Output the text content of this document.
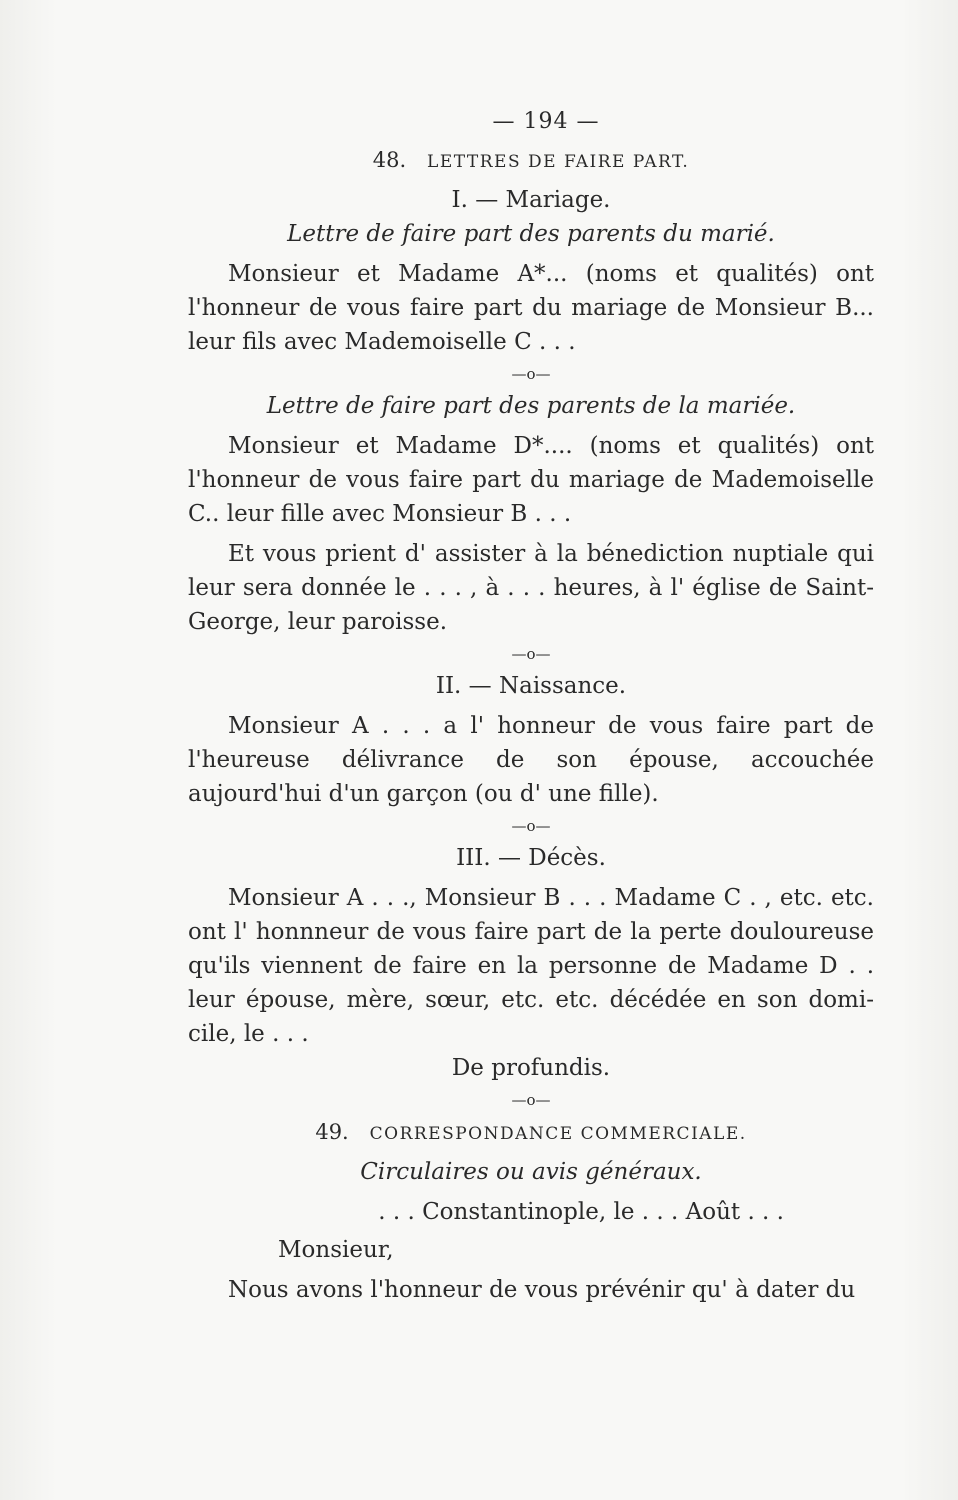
— 194 —
48. LETTRES DE FAIRE PART.
I. — Mariage.
Lettre de faire part des parents du marié.

Monsieur et Madame A*... (noms et qualités) ont l'honneur de vous faire part du mariage de Monsieur B... leur fils avec Mademoiselle C . . .

—o—
Lettre de faire part des parents de la mariée.

Monsieur et Madame D*.... (noms et qualités) ont l'honneur de vous faire part du mariage de Mademoiselle C.. leur fille avec Monsieur B . . .

Et vous prient d' assister à la bénediction nuptiale qui leur sera donnée le . . . , à . . . heures, à l' église de Saint-George, leur paroisse.

—o—
II. — Naissance.

Monsieur A . . . a l' honneur de vous faire part de l'heureuse délivrance de son épouse, accouchée aujourd'hui d'un garçon (ou d' une fille).

—o—
III. — Décès.

Monsieur A . . ., Monsieur B . . . Madame C . , etc. etc. ont l' honnneur de vous faire part de la perte douloureuse qu'ils viennent de faire en la personne de Madame D . . leur épouse, mère, sœur, etc. etc. décédée en son domicile, le . . .

De profundis.
—o—
49. CORRESPONDANCE COMMERCIALE.
Circulaires ou avis généraux.
. . . Constantinople, le . . . Août . . .
Monsieur,

Nous avons l'honneur de vous prévénir qu' à dater du
